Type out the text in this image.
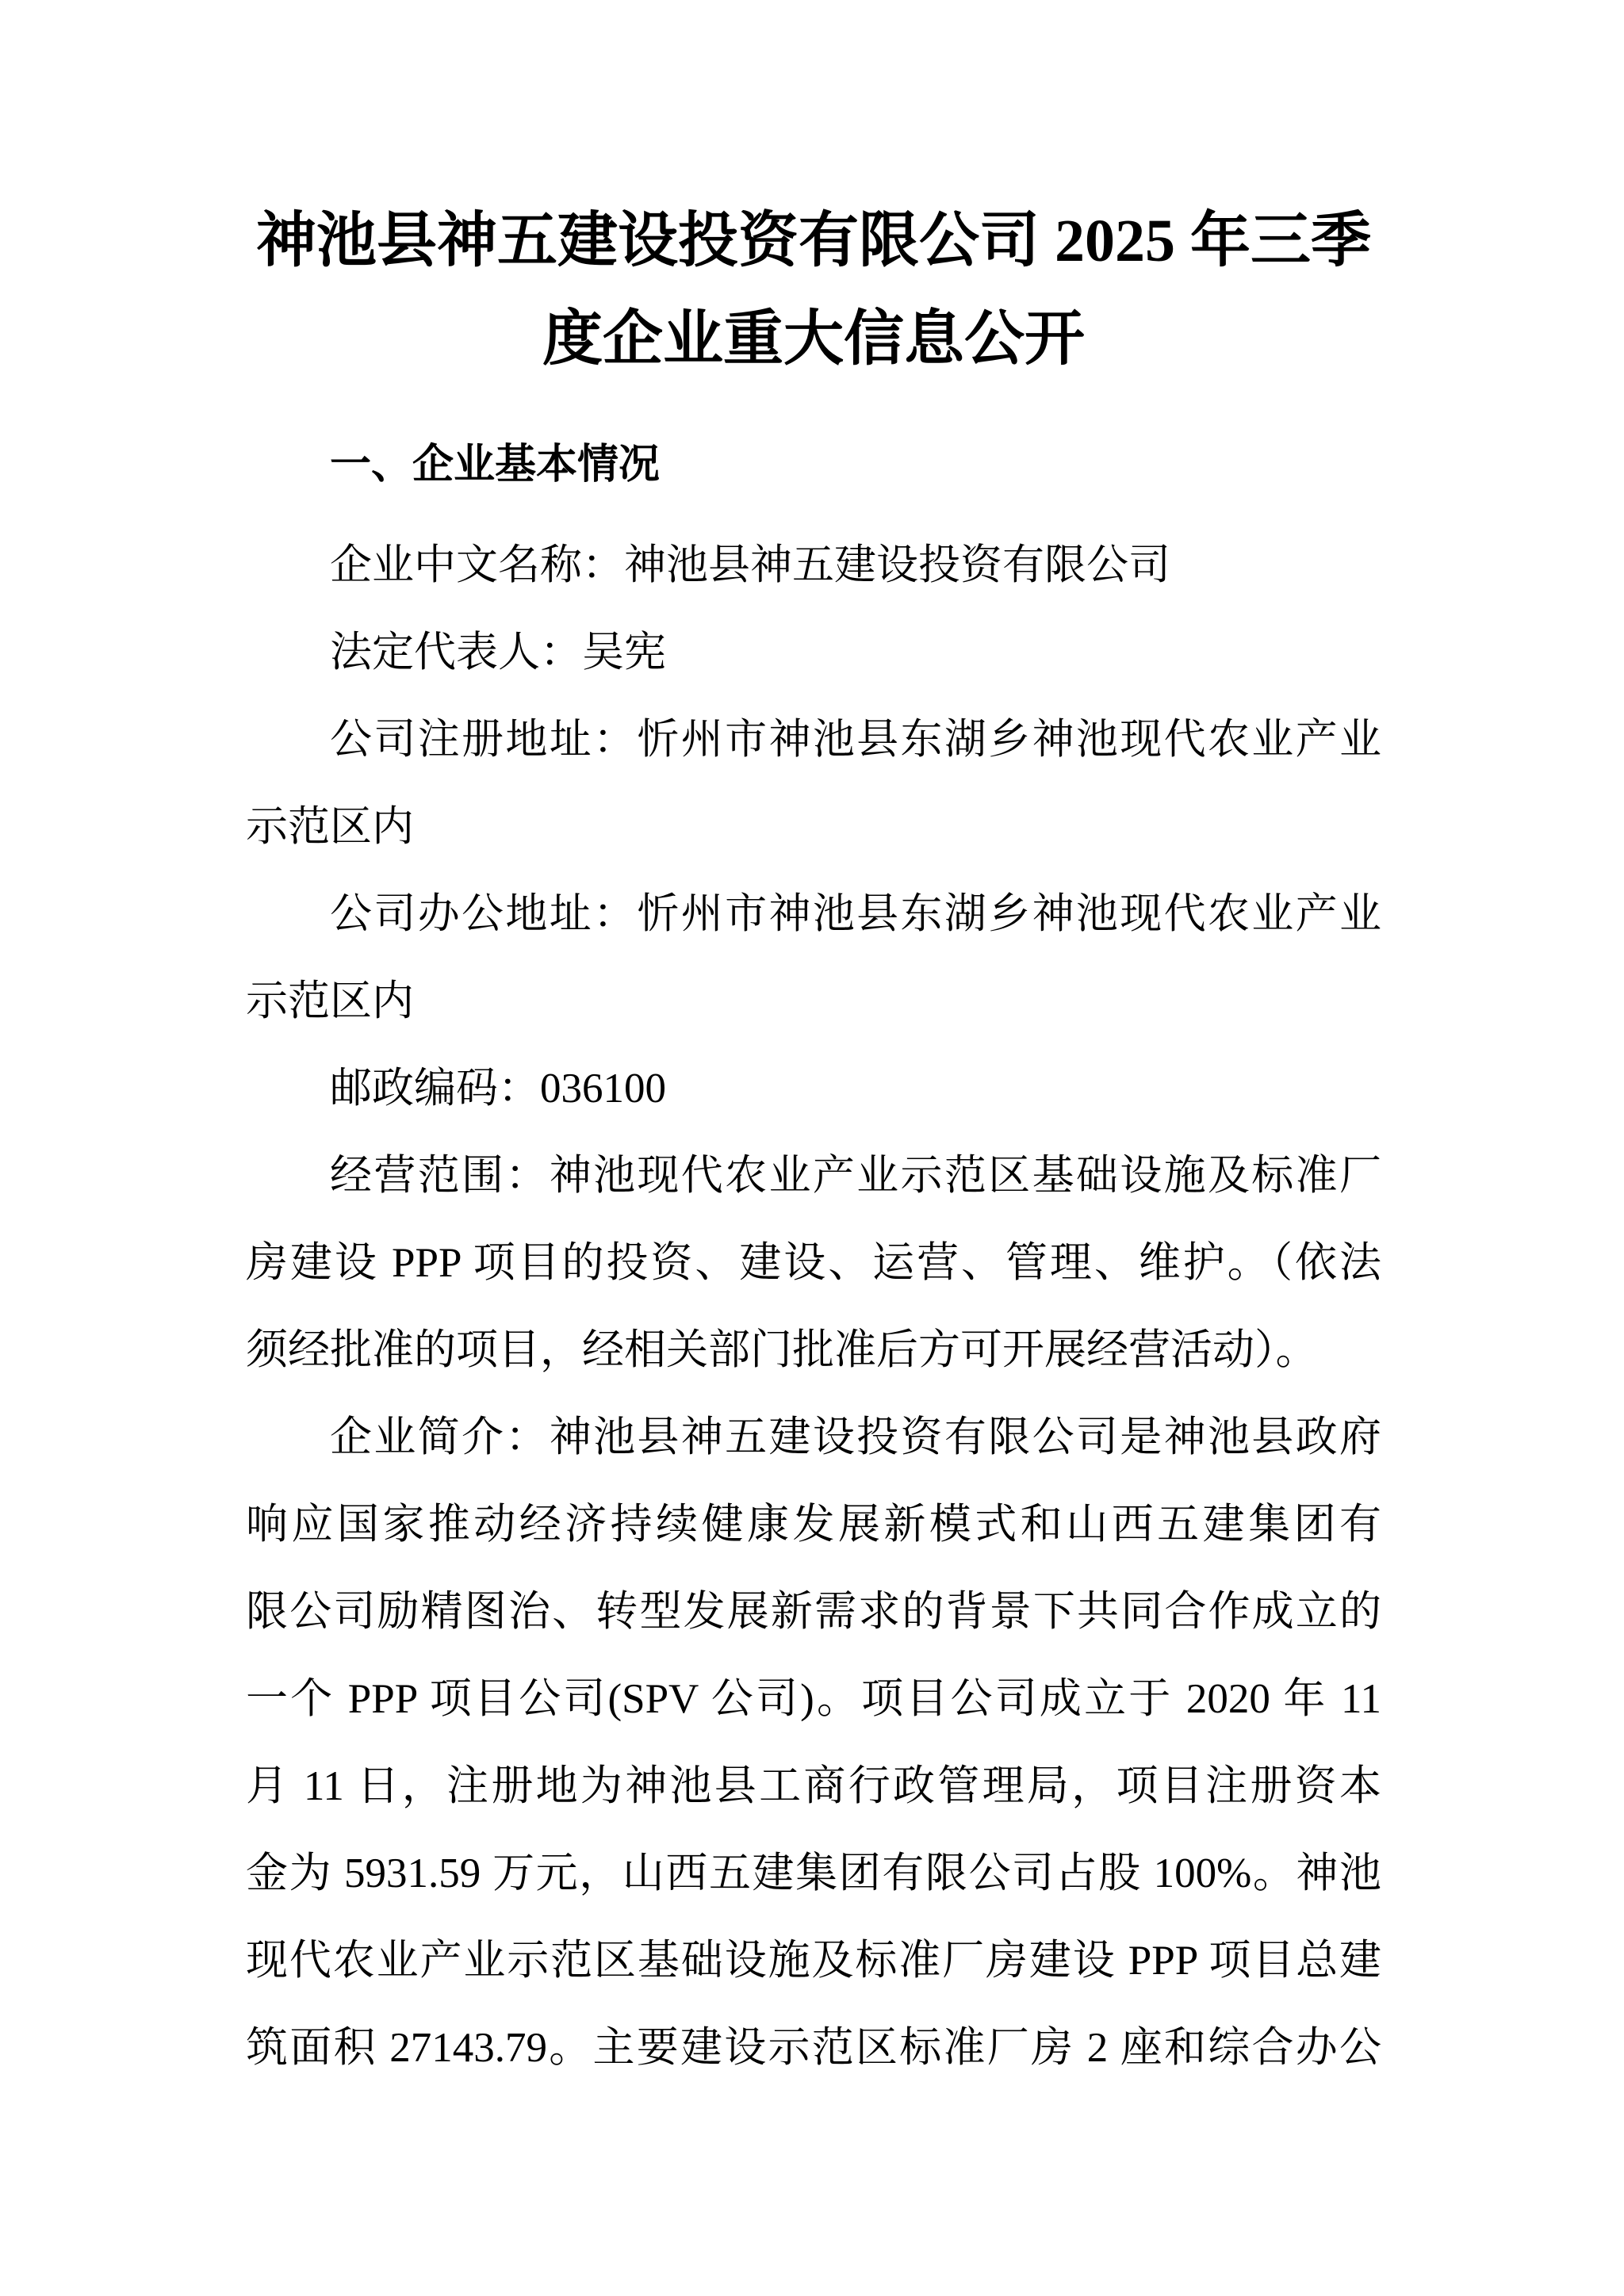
神池县神五建设投资有限公司 2025 年三季
度企业重大信息公开
一、企业基本情况
企业中文名称：神池县神五建设投资有限公司
法定代表人：吴宪
公司注册地址：忻州市神池县东湖乡神池现代农业产业
示范区内
公司办公地址：忻州市神池县东湖乡神池现代农业产业
示范区内
邮政编码：036100
经营范围：神池现代农业产业示范区基础设施及标准厂
房建设 PPP 项目的投资、建设、运营、管理、维护。（依法
须经批准的项目，经相关部门批准后方可开展经营活动）。
企业简介：神池县神五建设投资有限公司是神池县政府
响应国家推动经济持续健康发展新模式和山西五建集团有
限公司励精图治、转型发展新需求的背景下共同合作成立的
一个 PPP 项目公司(SPV 公司)。项目公司成立于 2020 年 11
月 11 日，注册地为神池县工商行政管理局，项目注册资本
金为 5931.59 万元，山西五建集团有限公司占股 100%。神池
现代农业产业示范区基础设施及标准厂房建设 PPP 项目总建
筑面积 27143.79。主要建设示范区标准厂房 2 座和综合办公
